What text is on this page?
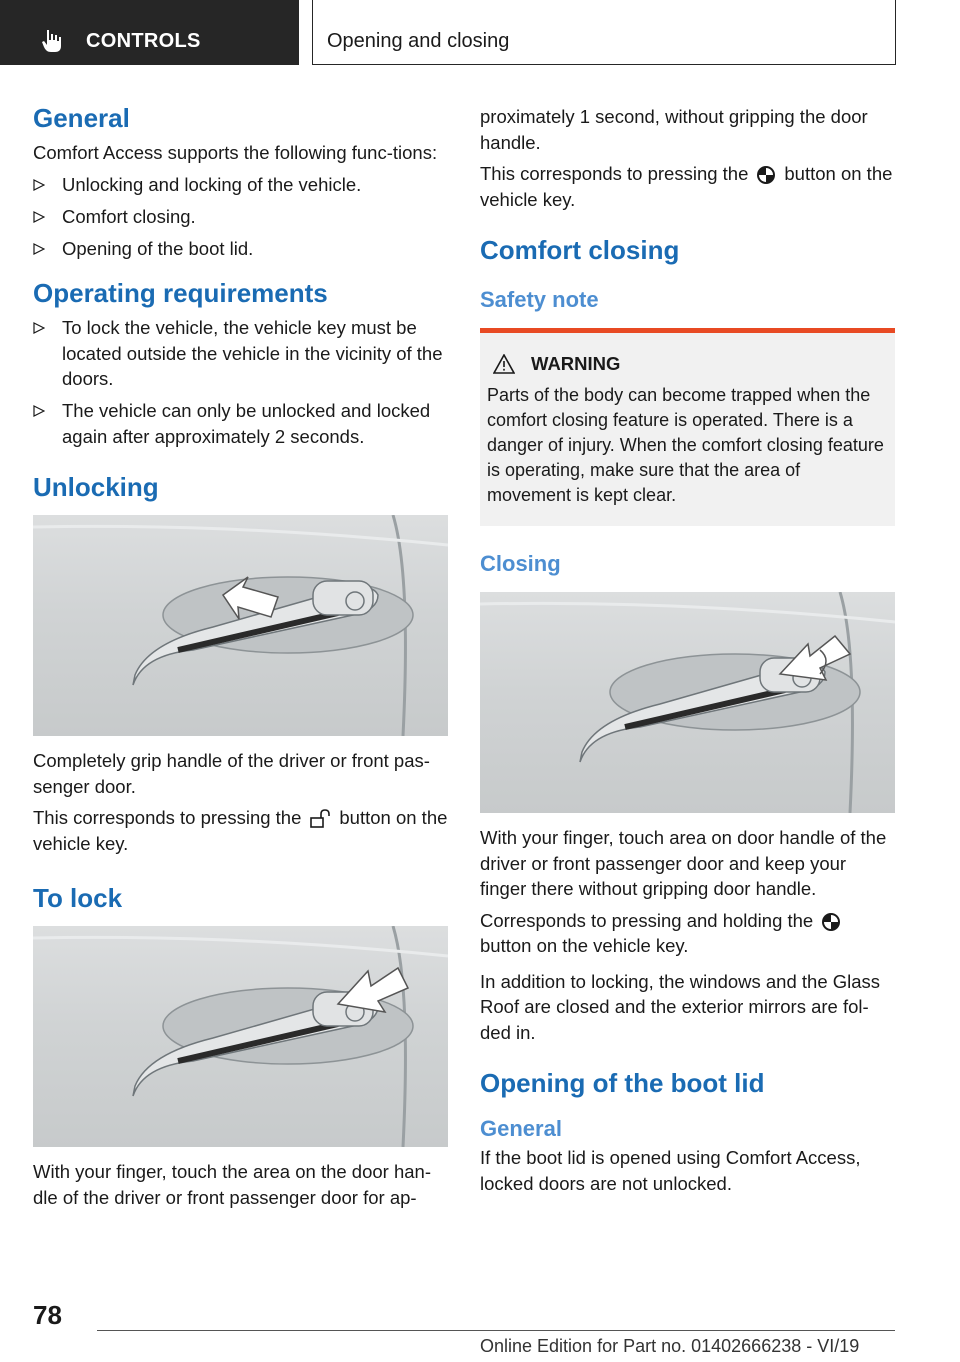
CONTROLS	Opening and closing
General

Comfort Access supports the following func-tions:

Unlocking and locking of the vehicle.
Comfort closing.
Opening of the boot lid.
Operating requirements
To lock the vehicle, the vehicle key must be located outside the vehicle in the vicinity of the doors.
The vehicle can only be unlocked and locked again after approximately 2 seconds.
Unlocking

Completely grip handle of the driver or front pas-senger door.

This corresponds to pressing the button on the vehicle key.

To lock

With your finger, touch the area on the door han-dle of the driver or front passenger door for ap-

proximately 1 second, without gripping the door handle.

This corresponds to pressing the button on the vehicle key.

Comfort closing
Safety note
WARNING

Parts of the body can become trapped when the comfort closing feature is operated. There is a danger of injury. When the comfort closing feature is operating, make sure that the area of movement is kept clear.

Closing

With your finger, touch area on door handle of the driver or front passenger door and keep your finger there without gripping door handle.

Corresponds to pressing and holding thebutton on the vehicle key.

In addition to locking, the windows and the Glass Roof are closed and the exterior mirrors are fol-ded in.

Opening of the boot lid
General

If the boot lid is opened using Comfort Access, locked doors are not unlocked.

78
Online Edition for Part no. 01402666238 - VI/19
